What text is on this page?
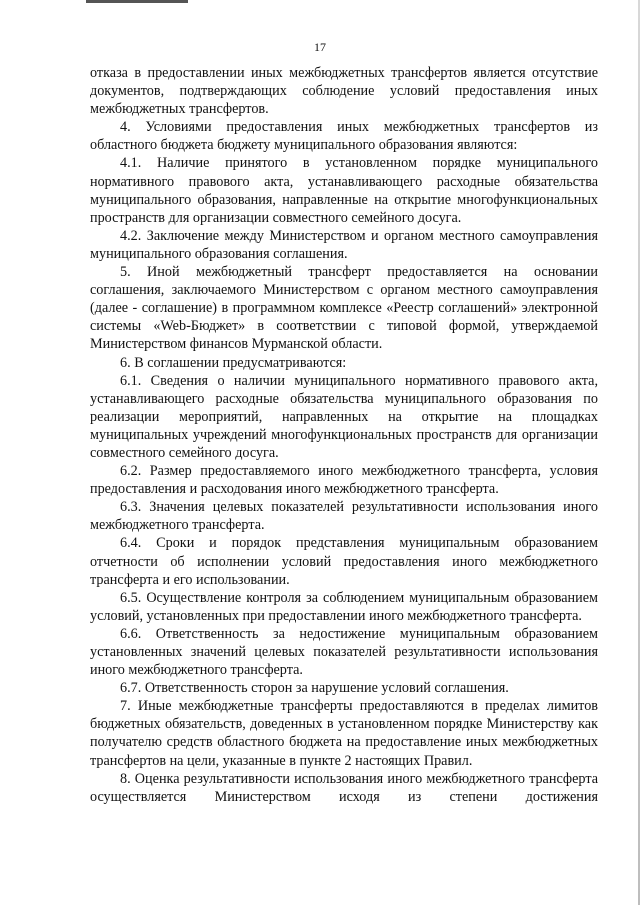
17

отказа в предоставлении иных межбюджетных трансфертов является отсутствие документов, подтверждающих соблюдение условий предоставления иных межбюджетных трансфертов.

4. Условиями предоставления иных межбюджетных трансфертов из областного бюджета бюджету муниципального образования являются:

4.1. Наличие принятого в установленном порядке муниципального нормативного правового акта, устанавливающего расходные обязательства муниципального образования, направленные на открытие многофункциональных пространств для организации совместного семейного досуга.

4.2. Заключение между Министерством и органом местного самоуправления муниципального образования соглашения.

5. Иной межбюджетный трансферт предоставляется на основании соглашения, заключаемого Министерством с органом местного самоуправления (далее - соглашение) в программном комплексе «Реестр соглашений» электронной системы «Web-Бюджет» в соответствии с типовой формой, утверждаемой Министерством финансов Мурманской области.

6. В соглашении предусматриваются:

6.1. Сведения о наличии муниципального нормативного правового акта, устанавливающего расходные обязательства муниципального образования по реализации мероприятий, направленных на открытие на площадках муниципальных учреждений многофункциональных пространств для организации совместного семейного досуга.

6.2. Размер предоставляемого иного межбюджетного трансферта, условия предоставления и расходования иного межбюджетного трансферта.

6.3. Значения целевых показателей результативности использования иного межбюджетного трансферта.

6.4. Сроки и порядок представления муниципальным образованием отчетности об исполнении условий предоставления иного межбюджетного трансферта и его использовании.

6.5. Осуществление контроля за соблюдением муниципальным образованием условий, установленных при предоставлении иного межбюджетного трансферта.

6.6. Ответственность за недостижение муниципальным образованием установленных значений целевых показателей результативности использования иного межбюджетного трансферта.

6.7. Ответственность сторон за нарушение условий соглашения.

7. Иные межбюджетные трансферты предоставляются в пределах лимитов бюджетных обязательств, доведенных в установленном порядке Министерству как получателю средств областного бюджета на предоставление иных межбюджетных трансфертов на цели, указанные в пункте 2 настоящих Правил.

8. Оценка результативности использования иного межбюджетного трансферта осуществляется Министерством исходя из степени достижения
